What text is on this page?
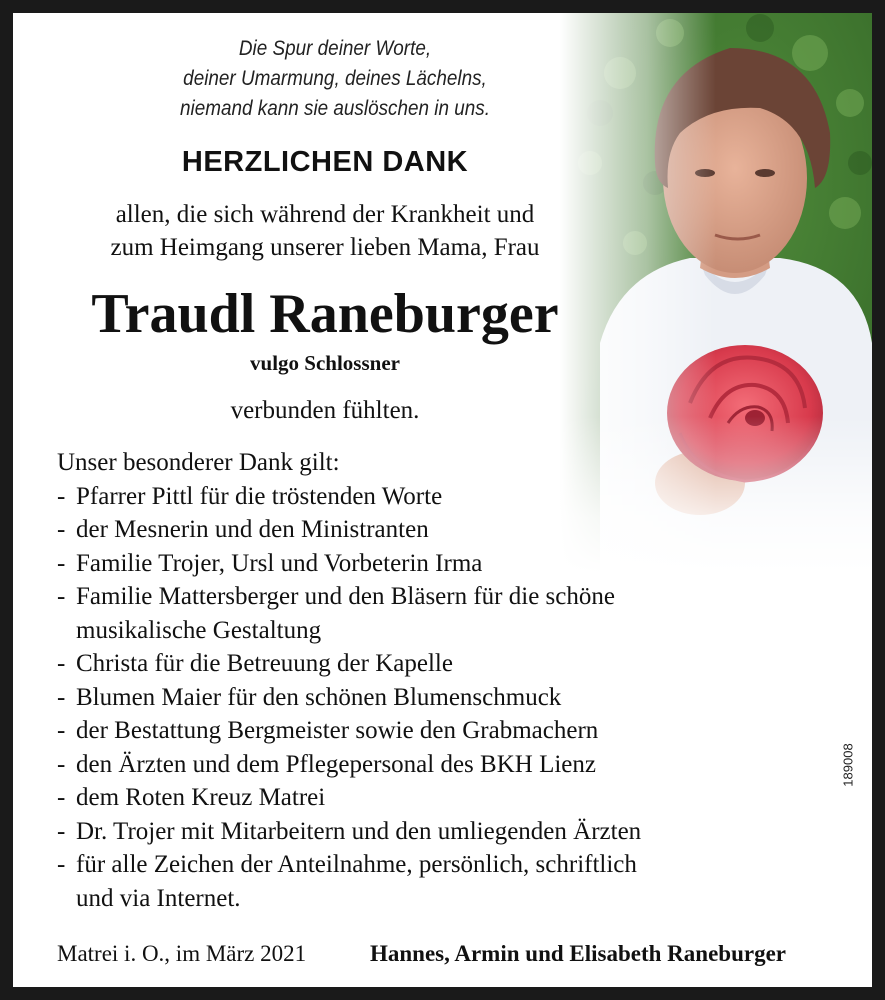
Die Spur deiner Worte,
deiner Umarmung, deines Lächelns,
niemand kann sie auslöschen in uns.
HERZLICHEN DANK
allen, die sich während der Krankheit und
zum Heimgang unserer lieben Mama, Frau
Traudl Raneburger
vulgo Schlossner
verbunden fühlten.
Unser besonderer Dank gilt:
- Pfarrer Pittl für die tröstenden Worte
- der Mesnerin und den Ministranten
- Familie Trojer, Ursl und Vorbeterin Irma
- Familie Mattersberger und den Bläsern für die schöne
musikalische Gestaltung
- Christa für die Betreuung der Kapelle
- Blumen Maier für den schönen Blumenschmuck
- der Bestattung Bergmeister sowie den Grabmachern
- den Ärzten und dem Pflegepersonal des BKH Lienz
- dem Roten Kreuz Matrei
- Dr. Trojer mit Mitarbeitern und den umliegenden Ärzten
- für alle Zeichen der Anteilnahme, persönlich, schriftlich
und via Internet.
189008
Matrei i. O., im März 2021	Hannes, Armin und Elisabeth Raneburger
